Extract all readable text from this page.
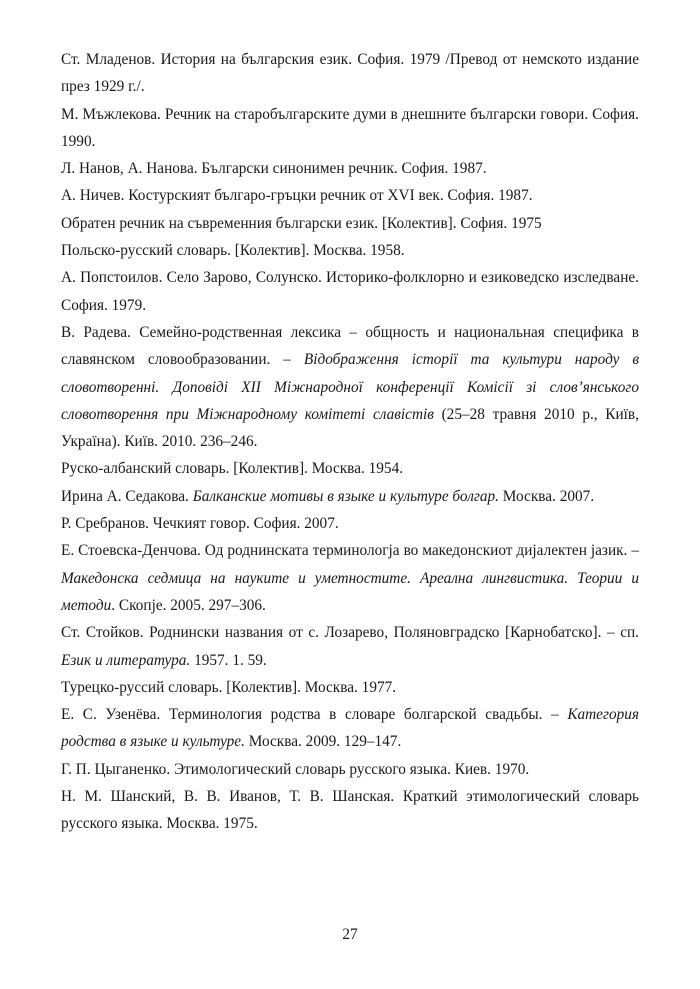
Ст. Младенов. История на българския език. София. 1979 /Превод от немското издание през 1929 г./.

М. Мъжлекова. Речник на старобългарските думи в днешните български говори. София. 1990.

Л. Нанов, А. Нанова. Български синонимен речник. София. 1987.

А. Ничев. Костурският българо-гръцки речник от XVI век. София. 1987.

Обратен речник на съвременния български език. [Колектив]. София. 1975

Польско-русский словарь. [Колектив]. Москва. 1958.

А. Попстоилов. Село Зарово, Солунско. Историко-фолклорно и езиковедско изследване. София. 1979.

В. Радева. Семейно-родственная лексика – общность и национальная специфика в славянском словообразовании. – Відображення історії та культури народу в словотворенні. Доповіді ХІІ Міжнародної конференції Комісії зі слов’янського словотворення при Міжнародному комітеті славістів (25–28 травня 2010 р., Київ, Україна). Київ. 2010. 236–246.

Руско-албанский словарь. [Колектив]. Москва. 1954.

Ирина А. Седакова. Балканские мотивы в языке и культуре болгар. Москва. 2007.

Р. Сребранов. Чечкият говор. София. 2007.

Е. Стоевска-Денчова. Од роднинската терминологја во македонскиот дијалектен јазик. – Македонска седмица на науките и уметностите. Ареална лингвистика. Теории и методи. Скопје. 2005. 297–306.

Ст. Стойков. Роднински названия от с. Лозарево, Поляновградско [Карнобатско]. – сп. Език и литература. 1957. 1. 59.

Турецко-руссий словарь. [Колектив]. Москва. 1977.

Е. С. Узенёва. Терминология родства в словаре болгарской свадьбы. – Категория родства в языке и культуре. Москва. 2009. 129–147.

Г. П. Цыганенко. Этимологический словарь русского языка. Киев. 1970.

Н. М. Шанский, В. В. Иванов, Т. В. Шанская. Краткий этимологический словарь русского языка. Москва. 1975.

27
